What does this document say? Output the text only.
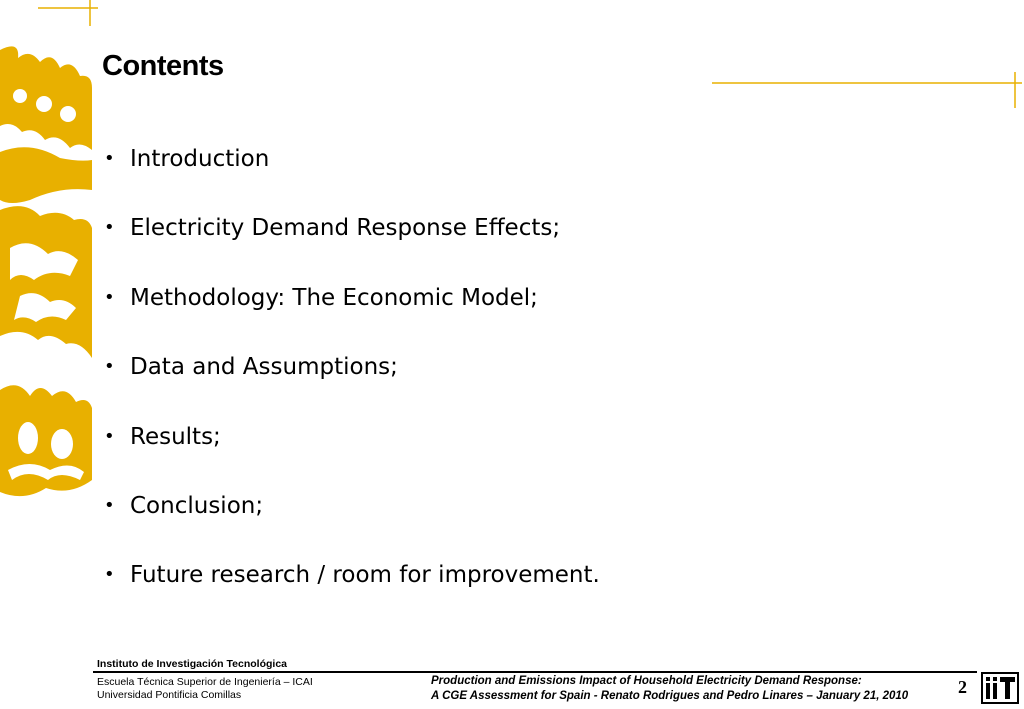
Contents
• Introduction
• Electricity Demand Response Effects;
• Methodology: The Economic Model;
• Data and Assumptions;
• Results;
• Conclusion;
• Future research / room for improvement.
Instituto de Investigación Tecnológica
Escuela Técnica Superior de Ingeniería – ICAI
Universidad Pontificia Comillas
Production and Emissions Impact of Household Electricity Demand Response:
A CGE Assessment for Spain - Renato Rodrigues and Pedro Linares – January 21, 2010	2
